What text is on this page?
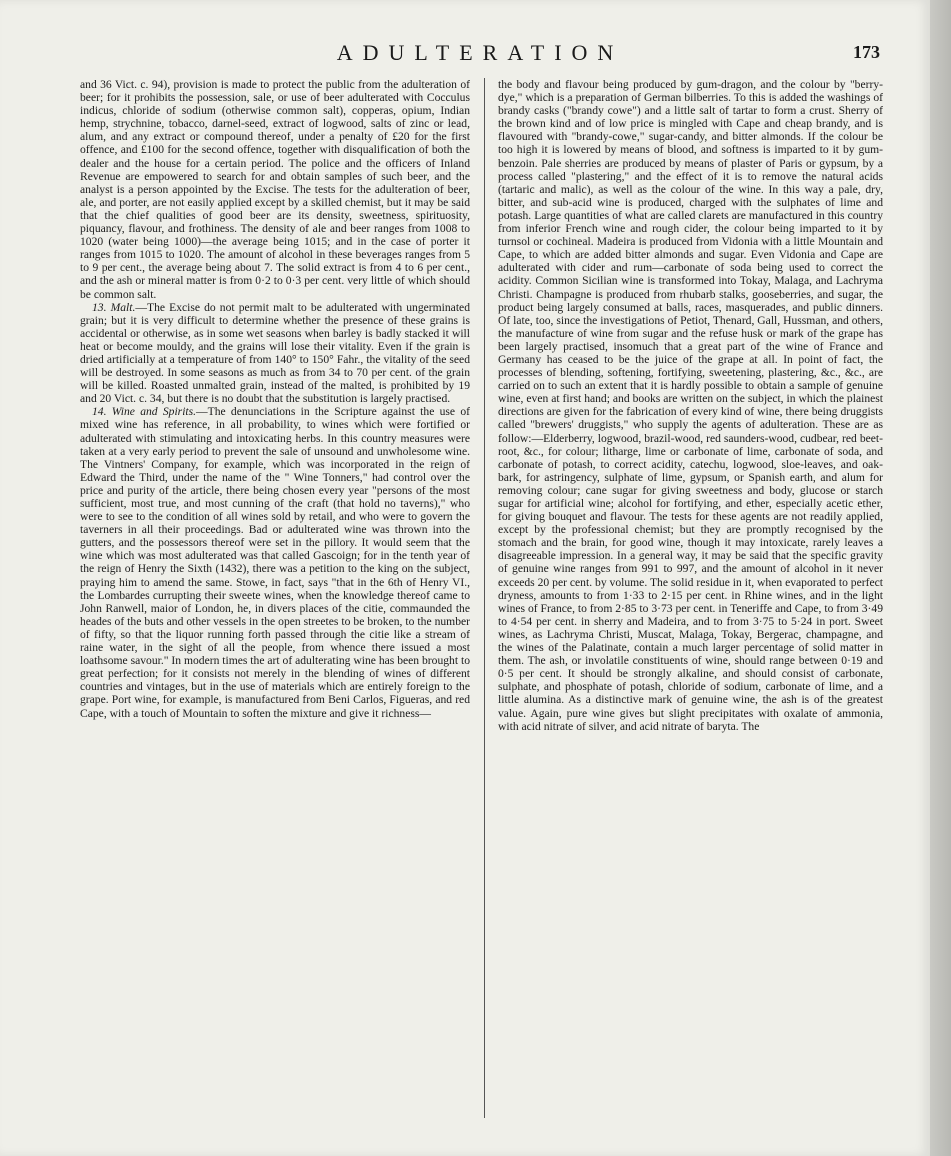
ADULTERATION	173

and 36 Vict. c. 94), provision is made to protect the public from the adulteration of beer; for it prohibits the possession, sale, or use of beer adulterated with Cocculus indicus, chloride of sodium (otherwise common salt), copperas, opium, Indian hemp, strychnine, tobacco, darnel-seed, extract of logwood, salts of zinc or lead, alum, and any extract or compound thereof, under a penalty of £20 for the first offence, and £100 for the second offence, together with disqualification of both the dealer and the house for a certain period. The police and the officers of Inland Revenue are empowered to search for and obtain samples of such beer, and the analyst is a person appointed by the Excise. The tests for the adulteration of beer, ale, and porter, are not easily applied except by a skilled chemist, but it may be said that the chief qualities of good beer are its density, sweetness, spirituosity, piquancy, flavour, and frothiness. The density of ale and beer ranges from 1008 to 1020 (water being 1000)—the average being 1015; and in the case of porter it ranges from 1015 to 1020. The amount of alcohol in these beverages ranges from 5 to 9 per cent., the average being about 7. The solid extract is from 4 to 6 per cent., and the ash or mineral matter is from 0·2 to 0·3 per cent. very little of which should be common salt.

13. Malt.—The Excise do not permit malt to be adulterated with ungerminated grain; but it is very difficult to determine whether the presence of these grains is accidental or otherwise, as in some wet seasons when barley is badly stacked it will heat or become mouldy, and the grains will lose their vitality. Even if the grain is dried artificially at a temperature of from 140° to 150° Fahr., the vitality of the seed will be destroyed. In some seasons as much as from 34 to 70 per cent. of the grain will be killed. Roasted unmalted grain, instead of the malted, is prohibited by 19 and 20 Vict. c. 34, but there is no doubt that the substitution is largely practised.

14. Wine and Spirits.—The denunciations in the Scripture against the use of mixed wine has reference, in all probability, to wines which were fortified or adulterated with stimulating and intoxicating herbs. In this country measures were taken at a very early period to prevent the sale of unsound and unwholesome wine. The Vintners' Company, for example, which was incorporated in the reign of Edward the Third, under the name of the " Wine Tonners," had control over the price and purity of the article, there being chosen every year "persons of the most sufficient, most true, and most cunning of the craft (that hold no taverns)," who were to see to the condition of all wines sold by retail, and who were to govern the taverners in all their proceedings. Bad or adulterated wine was thrown into the gutters, and the possessors thereof were set in the pillory. It would seem that the wine which was most adulterated was that called Gascoign; for in the tenth year of the reign of Henry the Sixth (1432), there was a petition to the king on the subject, praying him to amend the same. Stowe, in fact, says "that in the 6th of Henry VI., the Lombardes currupting their sweete wines, when the knowledge thereof came to John Ranwell, maior of London, he, in divers places of the citie, commaunded the heades of the buts and other vessels in the open streetes to be broken, to the number of fifty, so that the liquor running forth passed through the citie like a stream of raine water, in the sight of all the people, from whence there issued a most loathsome savour." In modern times the art of adulterating wine has been brought to great perfection; for it consists not merely in the blending of wines of different countries and vintages, but in the use of materials which are entirely foreign to the grape. Port wine, for example, is manufactured from Beni Carlos, Figueras, and red Cape, with a touch of Mountain to soften the mixture and give it richness—

the body and flavour being produced by gum-dragon, and the colour by "berry-dye," which is a preparation of German bilberries. To this is added the washings of brandy casks ("brandy cowe") and a little salt of tartar to form a crust. Sherry of the brown kind and of low price is mingled with Cape and cheap brandy, and is flavoured with "brandy-cowe," sugar-candy, and bitter almonds. If the colour be too high it is lowered by means of blood, and softness is imparted to it by gum-benzoin. Pale sherries are produced by means of plaster of Paris or gypsum, by a process called "plastering," and the effect of it is to remove the natural acids (tartaric and malic), as well as the colour of the wine. In this way a pale, dry, bitter, and sub-acid wine is produced, charged with the sulphates of lime and potash. Large quantities of what are called clarets are manufactured in this country from inferior French wine and rough cider, the colour being imparted to it by turnsol or cochineal. Madeira is produced from Vidonia with a little Mountain and Cape, to which are added bitter almonds and sugar. Even Vidonia and Cape are adulterated with cider and rum—carbonate of soda being used to correct the acidity. Common Sicilian wine is transformed into Tokay, Malaga, and Lachryma Christi. Champagne is produced from rhubarb stalks, gooseberries, and sugar, the product being largely consumed at balls, races, masquerades, and public dinners. Of late, too, since the investigations of Petiot, Thenard, Gall, Hussman, and others, the manufacture of wine from sugar and the refuse husk or mark of the grape has been largely practised, insomuch that a great part of the wine of France and Germany has ceased to be the juice of the grape at all. In point of fact, the processes of blending, softening, fortifying, sweetening, plastering, &c., &c., are carried on to such an extent that it is hardly possible to obtain a sample of genuine wine, even at first hand; and books are written on the subject, in which the plainest directions are given for the fabrication of every kind of wine, there being druggists called "brewers' druggists," who supply the agents of adulteration. These are as follow:—Elderberry, logwood, brazil-wood, red saunders-wood, cudbear, red beet-root, &c., for colour; litharge, lime or carbonate of lime, carbonate of soda, and carbonate of potash, to correct acidity, catechu, logwood, sloe-leaves, and oak-bark, for astringency, sulphate of lime, gypsum, or Spanish earth, and alum for removing colour; cane sugar for giving sweetness and body, glucose or starch sugar for artificial wine; alcohol for fortifying, and ether, especially acetic ether, for giving bouquet and flavour. The tests for these agents are not readily applied, except by the professional chemist; but they are promptly recognised by the stomach and the brain, for good wine, though it may intoxicate, rarely leaves a disagreeable impression. In a general way, it may be said that the specific gravity of genuine wine ranges from 991 to 997, and the amount of alcohol in it never exceeds 20 per cent. by volume. The solid residue in it, when evaporated to perfect dryness, amounts to from 1·33 to 2·15 per cent. in Rhine wines, and in the light wines of France, to from 2·85 to 3·73 per cent. in Teneriffe and Cape, to from 3·49 to 4·54 per cent. in sherry and Madeira, and to from 3·75 to 5·24 in port. Sweet wines, as Lachryma Christi, Muscat, Malaga, Tokay, Bergerac, champagne, and the wines of the Palatinate, contain a much larger percentage of solid matter in them. The ash, or involatile constituents of wine, should range between 0·19 and 0·5 per cent. It should be strongly alkaline, and should consist of carbonate, sulphate, and phosphate of potash, chloride of sodium, carbonate of lime, and a little alumina. As a distinctive mark of genuine wine, the ash is of the greatest value. Again, pure wine gives but slight precipitates with oxalate of ammonia, with acid nitrate of silver, and acid nitrate of baryta. The
